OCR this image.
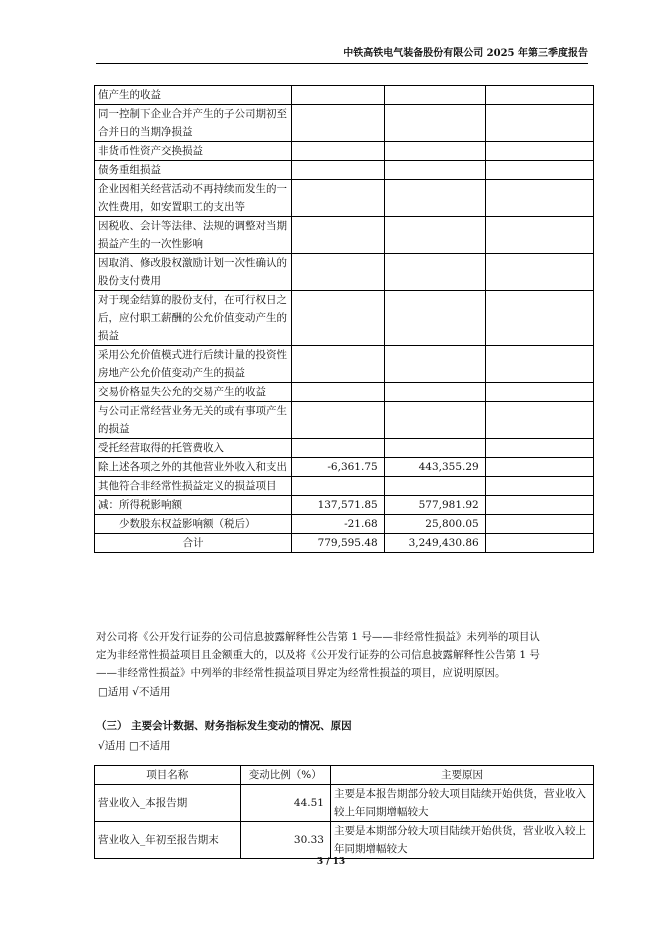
中铁高铁电气装备股份有限公司 2025 年第三季度报告
值产生的收益			
同一控制下企业合并产生的子公司期初至合并日的当期净损益			
非货币性资产交换损益			
债务重组损益			
企业因相关经营活动不再持续而发生的一次性费用，如安置职工的支出等			
因税收、会计等法律、法规的调整对当期损益产生的一次性影响			
因取消、修改股权激励计划一次性确认的股份支付费用			
对于现金结算的股份支付，在可行权日之后，应付职工薪酬的公允价值变动产生的损益			
采用公允价值模式进行后续计量的投资性房地产公允价值变动产生的损益			
交易价格显失公允的交易产生的收益			
与公司正常经营业务无关的或有事项产生的损益			
受托经营取得的托管费收入			
除上述各项之外的其他营业外收入和支出	-6,361.75	443,355.29	
其他符合非经常性损益定义的损益项目			
减：所得税影响额	137,571.85	577,981.92	
少数股东权益影响额（税后）	-21.68	25,800.05	
合计	779,595.48	3,249,430.86	
对公司将《公开发行证券的公司信息披露解释性公告第 1 号——非经常性损益》未列举的项目认
定为非经常性损益项目且金额重大的，以及将《公开发行证券的公司信息披露解释性公告第 1 号
——非经常性损益》中列举的非经常性损益项目界定为经常性损益的项目，应说明原因。
□适用 √不适用
（三） 主要会计数据、财务指标发生变动的情况、原因
√适用 □不适用
项目名称	变动比例（%）	主要原因
营业收入_本报告期	44.51	主要是本报告期部分较大项目陆续开始供货，营业收入较上年同期增幅较大
营业收入_年初至报告期末	30.33	主要是本期部分较大项目陆续开始供货，营业收入较上年同期增幅较大
3 / 13
